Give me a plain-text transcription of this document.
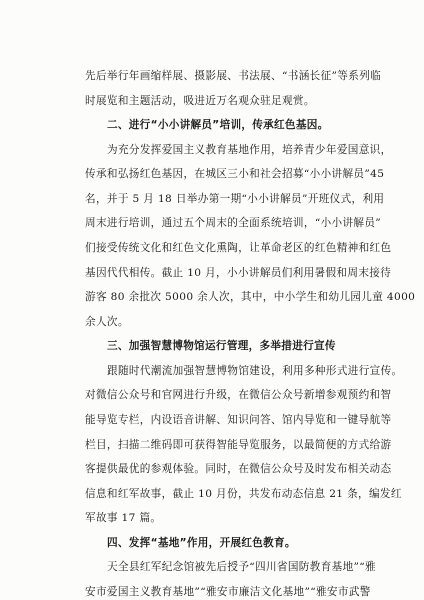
先后举行年画缩样展、摄影展、书法展、“书涵长征”等系列临
时展览和主题活动，吸进近万名观众驻足观赏。
二、进行“小小讲解员”培训，传承红色基因。
为充分发挥爱国主义教育基地作用，培养青少年爱国意识，
传承和弘扬红色基因，在城区三小和社会招募“小小讲解员”45
名，并于 5 月 18 日举办第一期“小小讲解员”开班仪式，利用
周末进行培训，通过五个周末的全面系统培训，“小小讲解员”
们接受传统文化和红色文化熏陶，让革命老区的红色精神和红色
基因代代相传。截止 10 月，小小讲解员们利用暑假和周末接待
游客 80 余批次 5000 余人次，其中，中小学生和幼儿园儿童 4000
余人次。
三、加强智慧博物馆运行管理，多举措进行宣传
跟随时代潮流加强智慧博物馆建设，利用多种形式进行宣传。
对微信公众号和官网进行升级，在微信公众号新增参观预约和智
能导览专栏，内设语音讲解、知识问答、馆内导览和一键导航等
栏目，扫描二维码即可获得智能导览服务，以最简便的方式给游
客提供最优的参观体验。同时，在微信公众号及时发布相关动态
信息和红军故事，截止 10 月份，共发布动态信息 21 条，编发红
军故事 17 篇。
四、发挥“基地”作用，开展红色教育。
天全县红军纪念馆被先后授予“四川省国防教育基地”“雅
安市爱国主义教育基地”“雅安市廉洁文化基地”“雅安市武警
